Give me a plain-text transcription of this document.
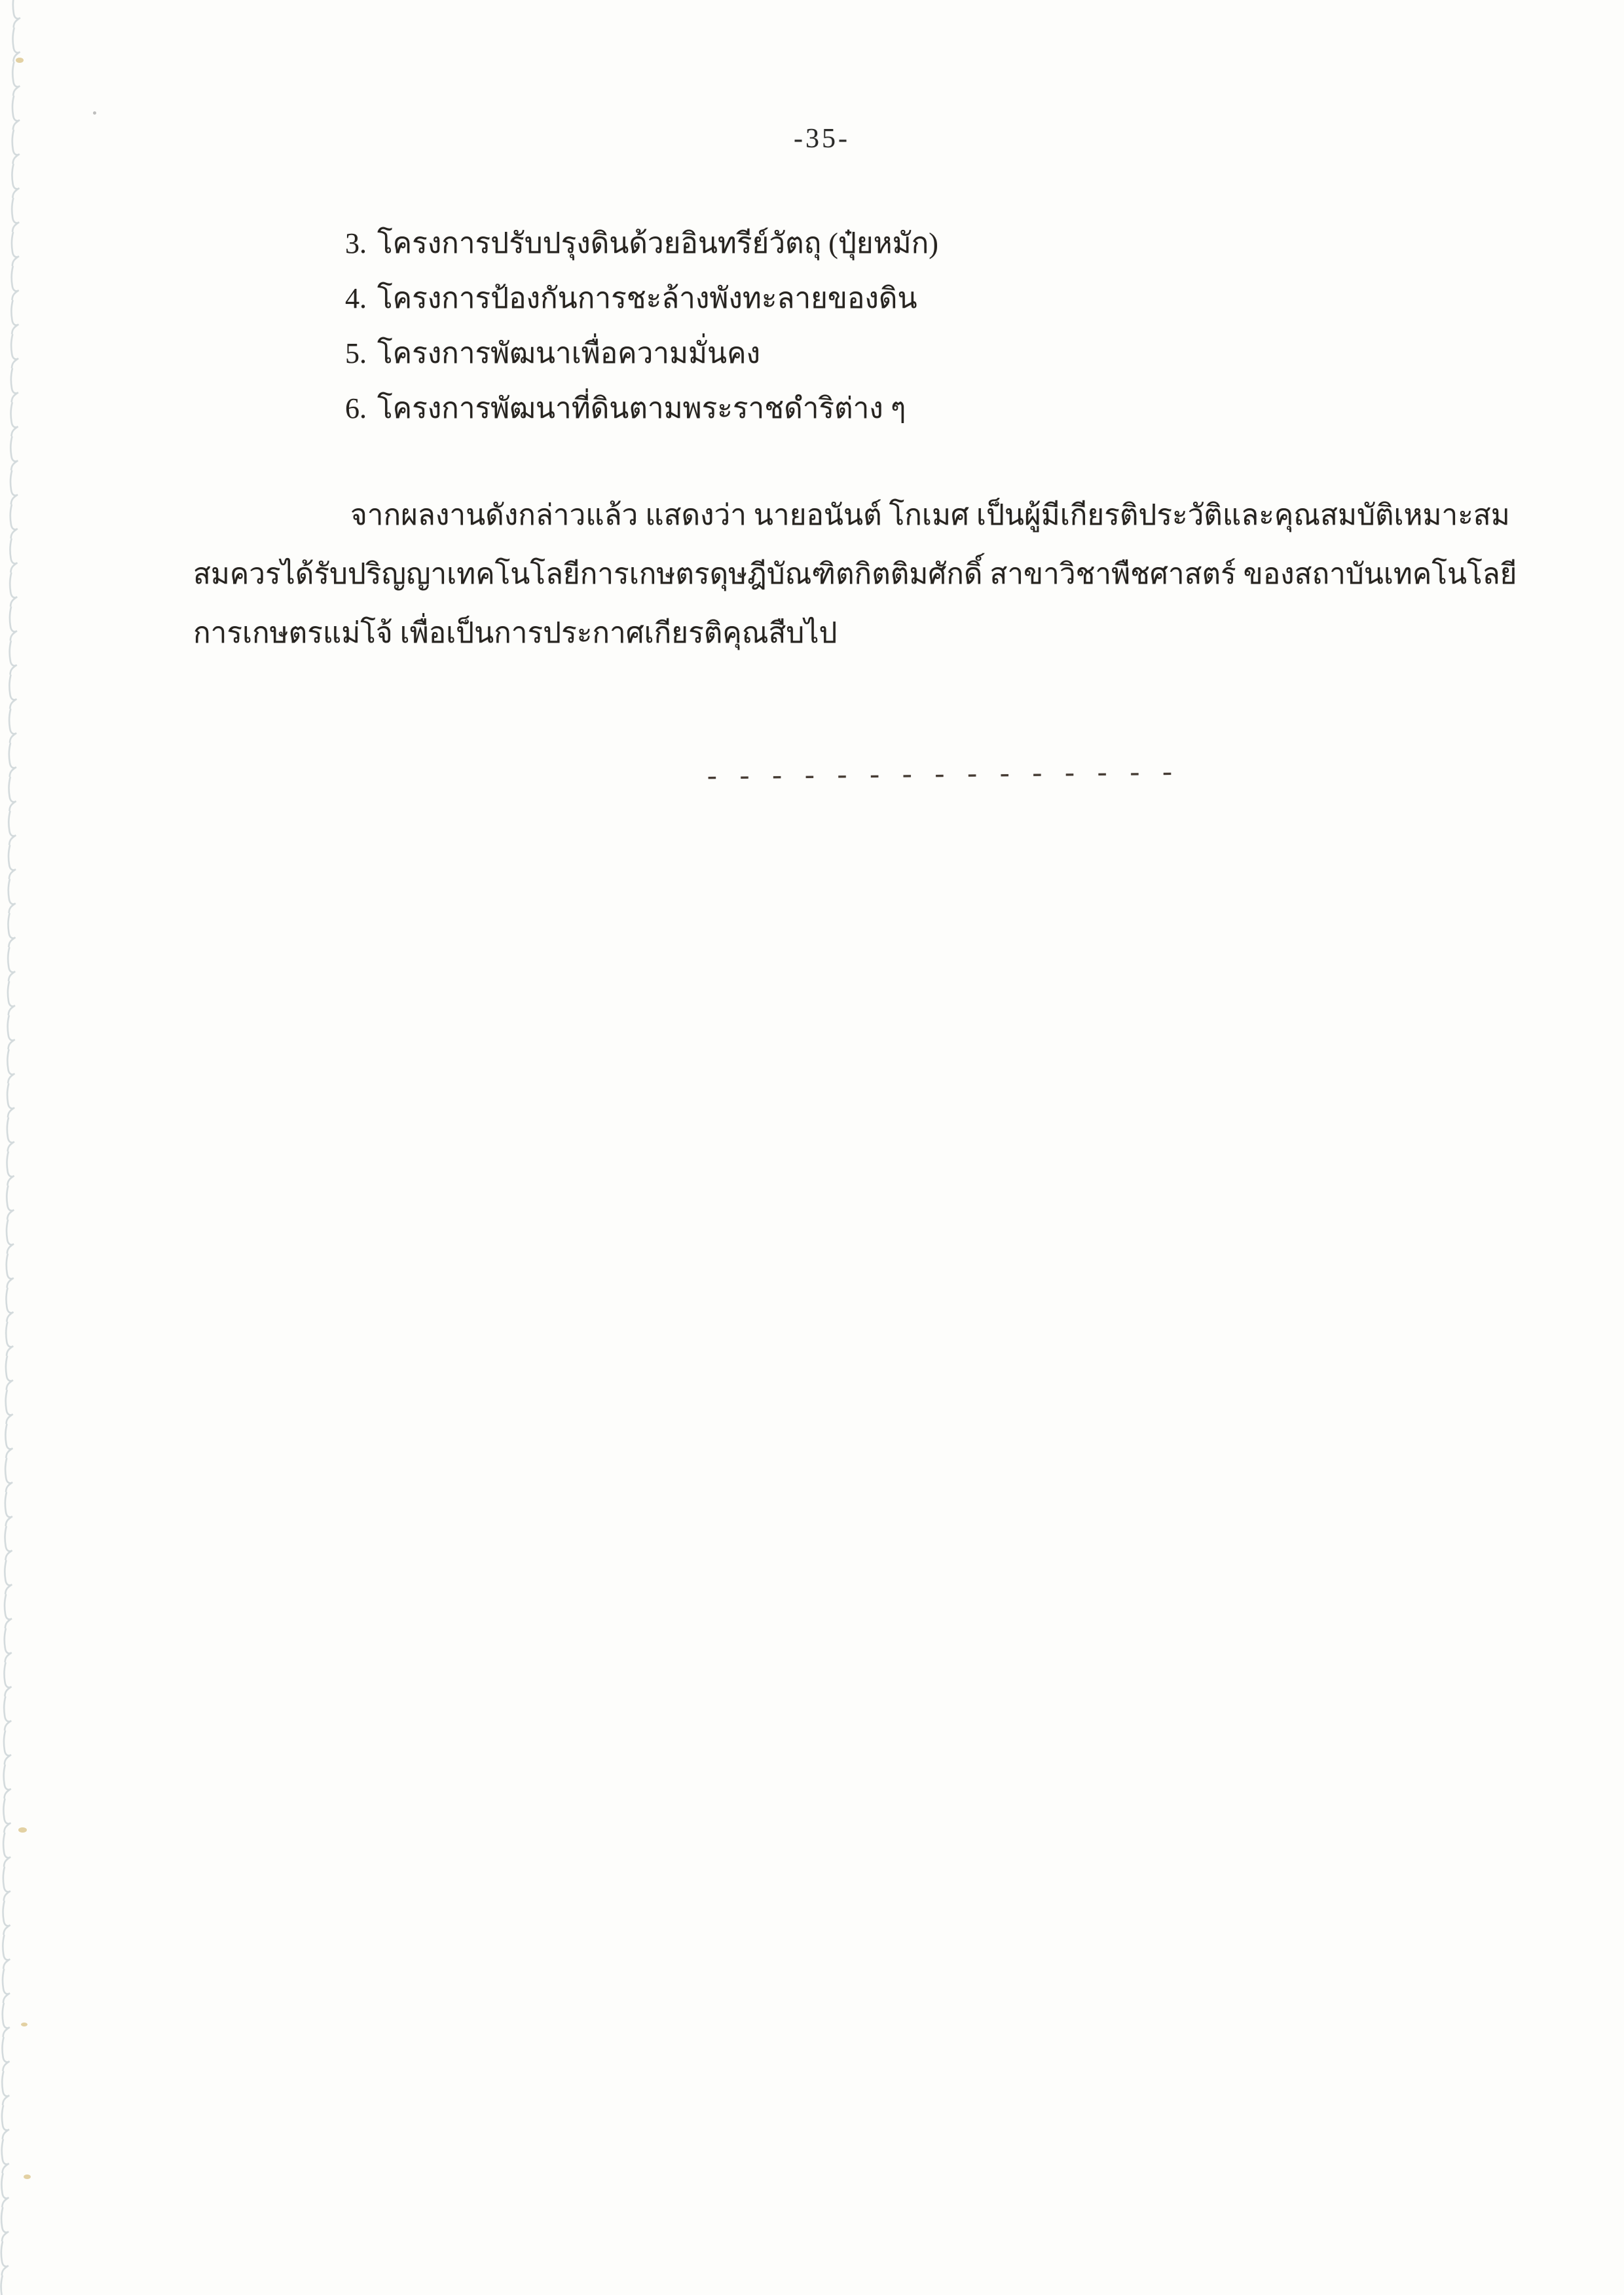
-35-
3. โครงการปรับปรุงดินด้วยอินทรีย์วัตถุ (ปุ๋ยหมัก)
4. โครงการป้องกันการชะล้างพังทะลายของดิน
5. โครงการพัฒนาเพื่อความมั่นคง
6. โครงการพัฒนาที่ดินตามพระราชดำริต่าง ๆ
จากผลงานดังกล่าวแล้ว แสดงว่า นายอนันต์ โกเมศ เป็นผู้มีเกียรติประวัติและคุณสมบัติเหมาะสม
สมควรได้รับปริญญาเทคโนโลยีการเกษตรดุษฎีบัณฑิตกิตติมศักดิ์ สาขาวิชาพืชศาสตร์ ของสถาบันเทคโนโลยี
การเกษตรแม่โจ้ เพื่อเป็นการประกาศเกียรติคุณสืบไป
- - - - - - - - - - - - - - -
